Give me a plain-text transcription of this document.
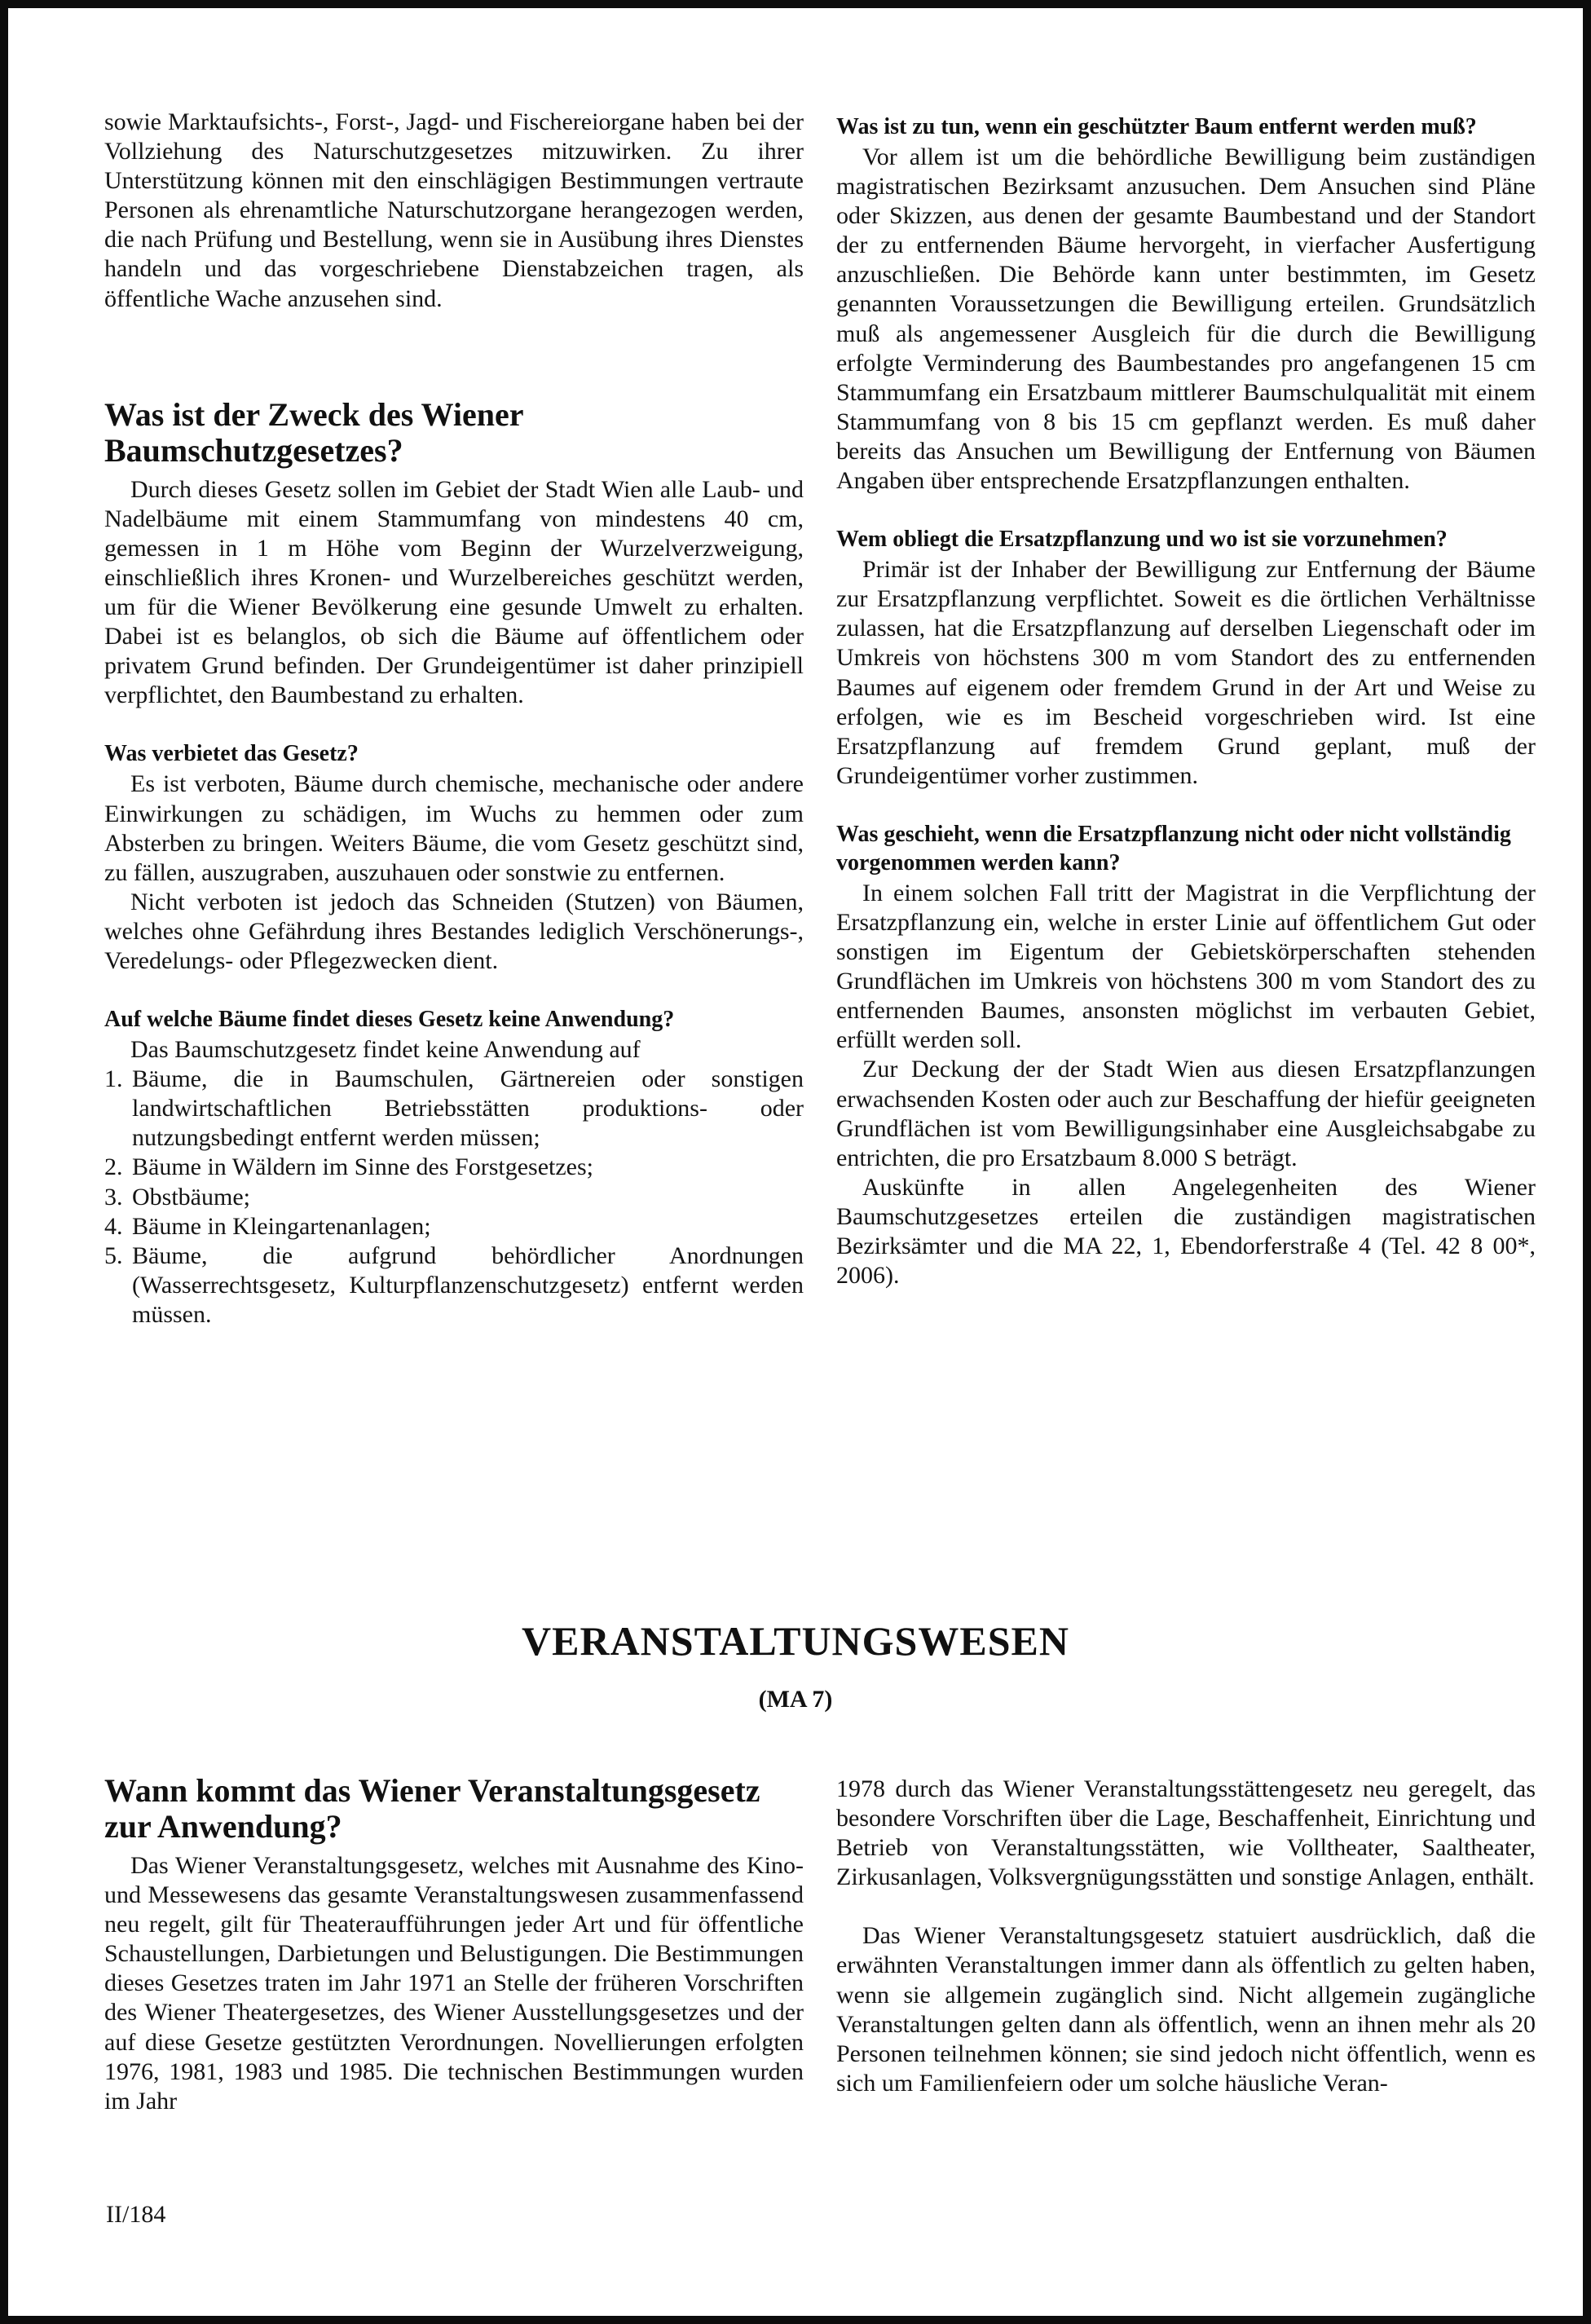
sowie Marktaufsichts-, Forst-, Jagd- und Fischereiorgane haben bei der Vollziehung des Naturschutzgesetzes mitzuwirken. Zu ihrer Unterstützung können mit den einschlägigen Bestimmungen vertraute Personen als ehrenamtliche Naturschutzorgane herangezogen werden, die nach Prüfung und Bestellung, wenn sie in Ausübung ihres Dienstes handeln und das vorgeschriebene Dienstabzeichen tragen, als öffentliche Wache anzusehen sind.

Was ist der Zweck des Wiener Baumschutzgesetzes?

Durch dieses Gesetz sollen im Gebiet der Stadt Wien alle Laub- und Nadelbäume mit einem Stammumfang von mindestens 40 cm, gemessen in 1 m Höhe vom Beginn der Wurzelverzweigung, einschließlich ihres Kronen- und Wurzelbereiches geschützt werden, um für die Wiener Bevölkerung eine gesunde Umwelt zu erhalten. Dabei ist es belanglos, ob sich die Bäume auf öffentlichem oder privatem Grund befinden. Der Grundeigentümer ist daher prinzipiell verpflichtet, den Baumbestand zu erhalten.

Was verbietet das Gesetz?

Es ist verboten, Bäume durch chemische, mechanische oder andere Einwirkungen zu schädigen, im Wuchs zu hemmen oder zum Absterben zu bringen. Weiters Bäume, die vom Gesetz geschützt sind, zu fällen, auszugraben, auszuhauen oder sonstwie zu entfernen.

Nicht verboten ist jedoch das Schneiden (Stutzen) von Bäumen, welches ohne Gefährdung ihres Bestandes lediglich Verschönerungs-, Veredelungs- oder Pflegezwecken dient.

Auf welche Bäume findet dieses Gesetz keine Anwendung?

Das Baumschutzgesetz findet keine Anwendung auf

1. Bäume, die in Baumschulen, Gärtnereien oder sonstigen landwirtschaftlichen Betriebsstätten produktions- oder nutzungsbedingt entfernt werden müssen;
2. Bäume in Wäldern im Sinne des Forstgesetzes;
3. Obstbäume;
4. Bäume in Kleingartenanlagen;
5. Bäume, die aufgrund behördlicher Anordnungen (Wasserrechtsgesetz, Kulturpflanzenschutzgesetz) entfernt werden müssen.
Was ist zu tun, wenn ein geschützter Baum entfernt werden muß?

Vor allem ist um die behördliche Bewilligung beim zuständigen magistratischen Bezirksamt anzusuchen. Dem Ansuchen sind Pläne oder Skizzen, aus denen der gesamte Baumbestand und der Standort der zu entfernenden Bäume hervorgeht, in vierfacher Ausfertigung anzuschließen. Die Behörde kann unter bestimmten, im Gesetz genannten Voraussetzungen die Bewilligung erteilen. Grundsätzlich muß als angemessener Ausgleich für die durch die Bewilligung erfolgte Verminderung des Baumbestandes pro angefangenen 15 cm Stammumfang ein Ersatzbaum mittlerer Baumschulqualität mit einem Stammumfang von 8 bis 15 cm gepflanzt werden. Es muß daher bereits das Ansuchen um Bewilligung der Entfernung von Bäumen Angaben über entsprechende Ersatzpflanzungen enthalten.

Wem obliegt die Ersatzpflanzung und wo ist sie vorzunehmen?

Primär ist der Inhaber der Bewilligung zur Entfernung der Bäume zur Ersatzpflanzung verpflichtet. Soweit es die örtlichen Verhältnisse zulassen, hat die Ersatzpflanzung auf derselben Liegenschaft oder im Umkreis von höchstens 300 m vom Standort des zu entfernenden Baumes auf eigenem oder fremdem Grund in der Art und Weise zu erfolgen, wie es im Bescheid vorgeschrieben wird. Ist eine Ersatzpflanzung auf fremdem Grund geplant, muß der Grundeigentümer vorher zustimmen.

Was geschieht, wenn die Ersatzpflanzung nicht oder nicht vollständig vorgenommen werden kann?

In einem solchen Fall tritt der Magistrat in die Verpflichtung der Ersatzpflanzung ein, welche in erster Linie auf öffentlichem Gut oder sonstigen im Eigentum der Gebietskörperschaften stehenden Grundflächen im Umkreis von höchstens 300 m vom Standort des zu entfernenden Baumes, ansonsten möglichst im verbauten Gebiet, erfüllt werden soll.

Zur Deckung der der Stadt Wien aus diesen Ersatzpflanzungen erwachsenden Kosten oder auch zur Beschaffung der hiefür geeigneten Grundflächen ist vom Bewilligungsinhaber eine Ausgleichsabgabe zu entrichten, die pro Ersatzbaum 8.000 S beträgt.

Auskünfte in allen Angelegenheiten des Wiener Baumschutzgesetzes erteilen die zuständigen magistratischen Bezirksämter und die MA 22, 1, Ebendorferstraße 4 (Tel. 42 8 00*, 2006).

VERANSTALTUNGSWESEN
(MA 7)
Wann kommt das Wiener Veranstaltungsgesetz zur Anwendung?

Das Wiener Veranstaltungsgesetz, welches mit Ausnahme des Kino- und Messewesens das gesamte Veranstaltungswesen zusammenfassend neu regelt, gilt für Theateraufführungen jeder Art und für öffentliche Schaustellungen, Darbietungen und Belustigungen. Die Bestimmungen dieses Gesetzes traten im Jahr 1971 an Stelle der früheren Vorschriften des Wiener Theatergesetzes, des Wiener Ausstellungsgesetzes und der auf diese Gesetze gestützten Verordnungen. Novellierungen erfolgten 1976, 1981, 1983 und 1985. Die technischen Bestimmungen wurden im Jahr

1978 durch das Wiener Veranstaltungsstättengesetz neu geregelt, das besondere Vorschriften über die Lage, Beschaffenheit, Einrichtung und Betrieb von Veranstaltungsstätten, wie Volltheater, Saaltheater, Zirkusanlagen, Volksvergnügungsstätten und sonstige Anlagen, enthält.

Das Wiener Veranstaltungsgesetz statuiert ausdrücklich, daß die erwähnten Veranstaltungen immer dann als öffentlich zu gelten haben, wenn sie allgemein zugänglich sind. Nicht allgemein zugängliche Veranstaltungen gelten dann als öffentlich, wenn an ihnen mehr als 20 Personen teilnehmen können; sie sind jedoch nicht öffentlich, wenn es sich um Familienfeiern oder um solche häusliche Veran-

II/184
